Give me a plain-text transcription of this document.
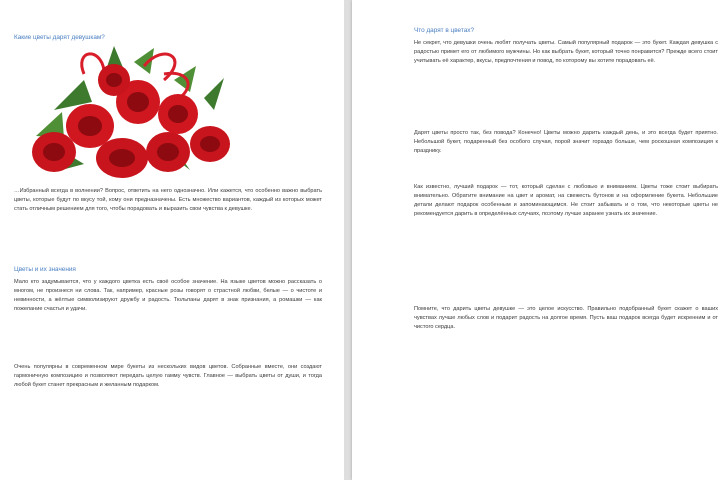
Какие цветы дарят девушкам?

…Избранный всегда в волнении? Вопрос, ответить на него однозначно. Или кажется, что особенно важно выбрать цветы, которые будут по вкусу той, кому они предназначены. Есть множество вариантов, каждый из которых может стать отличным решением для того, чтобы порадовать и выразить свои чувства к девушке.

Цветы и их значения

Мало кто задумывается, что у каждого цветка есть своё особое значение. На языке цветов можно рассказать о многом, не произнеся ни слова. Так, например, красные розы говорят о страстной любви, белые — о чистоте и невинности, а жёлтые символизируют дружбу и радость. Тюльпаны дарят в знак признания, а ромашки — как пожелание счастья и удачи.

Очень популярны в современном мире букеты из нескольких видов цветов. Собранные вместе, они создают гармоничную композицию и позволяют передать целую гамму чувств. Главное — выбрать цветы от души, и тогда любой букет станет прекрасным и желанным подарком.

Что дарят в цветах?

Не секрет, что девушки очень любят получать цветы. Самый популярный подарок — это букет. Каждая девушка с радостью примет его от любимого мужчины. Но как выбрать букет, который точно понравится? Прежде всего стоит учитывать её характер, вкусы, предпочтения и повод, по которому вы хотите порадовать её.

Дарят цветы просто так, без повода? Конечно! Цветы можно дарить каждый день, и это всегда будет приятно. Небольшой букет, подаренный без особого случая, порой значит гораздо больше, чем роскошная композиция к празднику.

Как известно, лучший подарок — тот, который сделан с любовью и вниманием. Цветы тоже стоит выбирать внимательно. Обратите внимание на цвет и аромат, на свежесть бутонов и на оформление букета. Небольшие детали делают подарок особенным и запоминающимся. Не стоит забывать и о том, что некоторые цветы не рекомендуется дарить в определённых случаях, поэтому лучше заранее узнать их значение.

Помните, что дарить цветы девушке — это целое искусство. Правильно подобранный букет скажет о ваших чувствах лучше любых слов и подарит радость на долгое время. Пусть ваш подарок всегда будет искренним и от чистого сердца.
